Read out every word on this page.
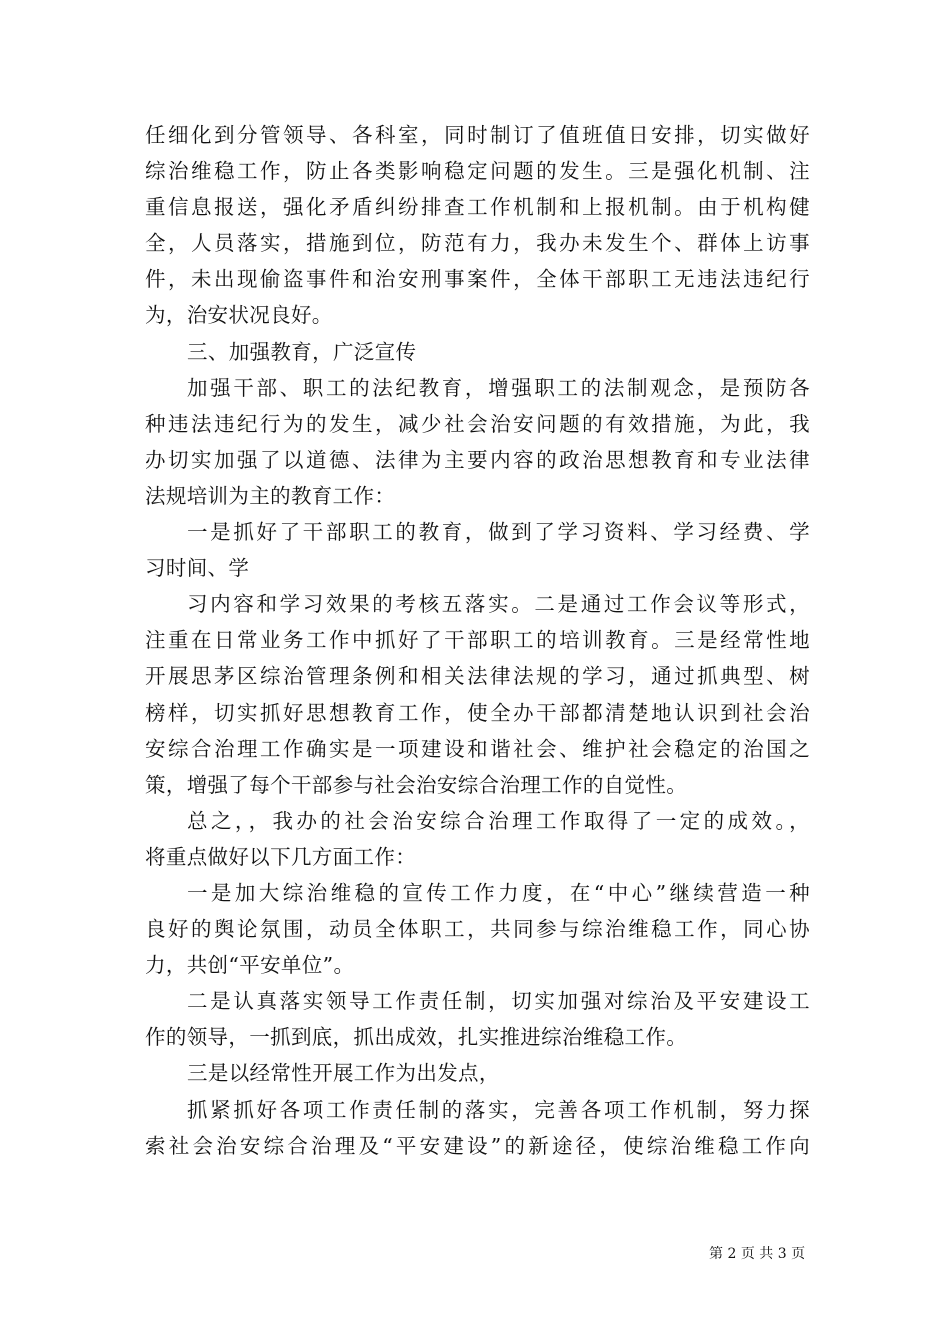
任细化到分管领导、各科室，同时制订了值班值日安排，切实做好
综治维稳工作，防止各类影响稳定问题的发生。三是强化机制、注
重信息报送，强化矛盾纠纷排查工作机制和上报机制。由于机构健
全，人员落实，措施到位，防范有力，我办未发生个、群体上访事
件，未出现偷盗事件和治安刑事案件，全体干部职工无违法违纪行
为，治安状况良好。
三、加强教育，广泛宣传
加强干部、职工的法纪教育，增强职工的法制观念，是预防各
种违法违纪行为的发生，减少社会治安问题的有效措施，为此，我
办切实加强了以道德、法律为主要内容的政治思想教育和专业法律
法规培训为主的教育工作：
一是抓好了干部职工的教育，做到了学习资料、学习经费、学
习时间、学
习内容和学习效果的考核五落实。二是通过工作会议等形式，
注重在日常业务工作中抓好了干部职工的培训教育。三是经常性地
开展思茅区综治管理条例和相关法律法规的学习，通过抓典型、树
榜样，切实抓好思想教育工作，使全办干部都清楚地认识到社会治
安综合治理工作确实是一项建设和谐社会、维护社会稳定的治国之
策，增强了每个干部参与社会治安综合治理工作的自觉性。
总之，，我办的社会治安综合治理工作取得了一定的成效。，
将重点做好以下几方面工作：
一是加大综治维稳的宣传工作力度，在“中心”继续营造一种
良好的舆论氛围，动员全体职工，共同参与综治维稳工作，同心协
力，共创“平安单位”。
二是认真落实领导工作责任制，切实加强对综治及平安建设工
作的领导，一抓到底，抓出成效，扎实推进综治维稳工作。
三是以经常性开展工作为出发点，
抓紧抓好各项工作责任制的落实，完善各项工作机制，努力探
索社会治安综合治理及“平安建设”的新途径，使综治维稳工作向
第 2 页 共 3 页
